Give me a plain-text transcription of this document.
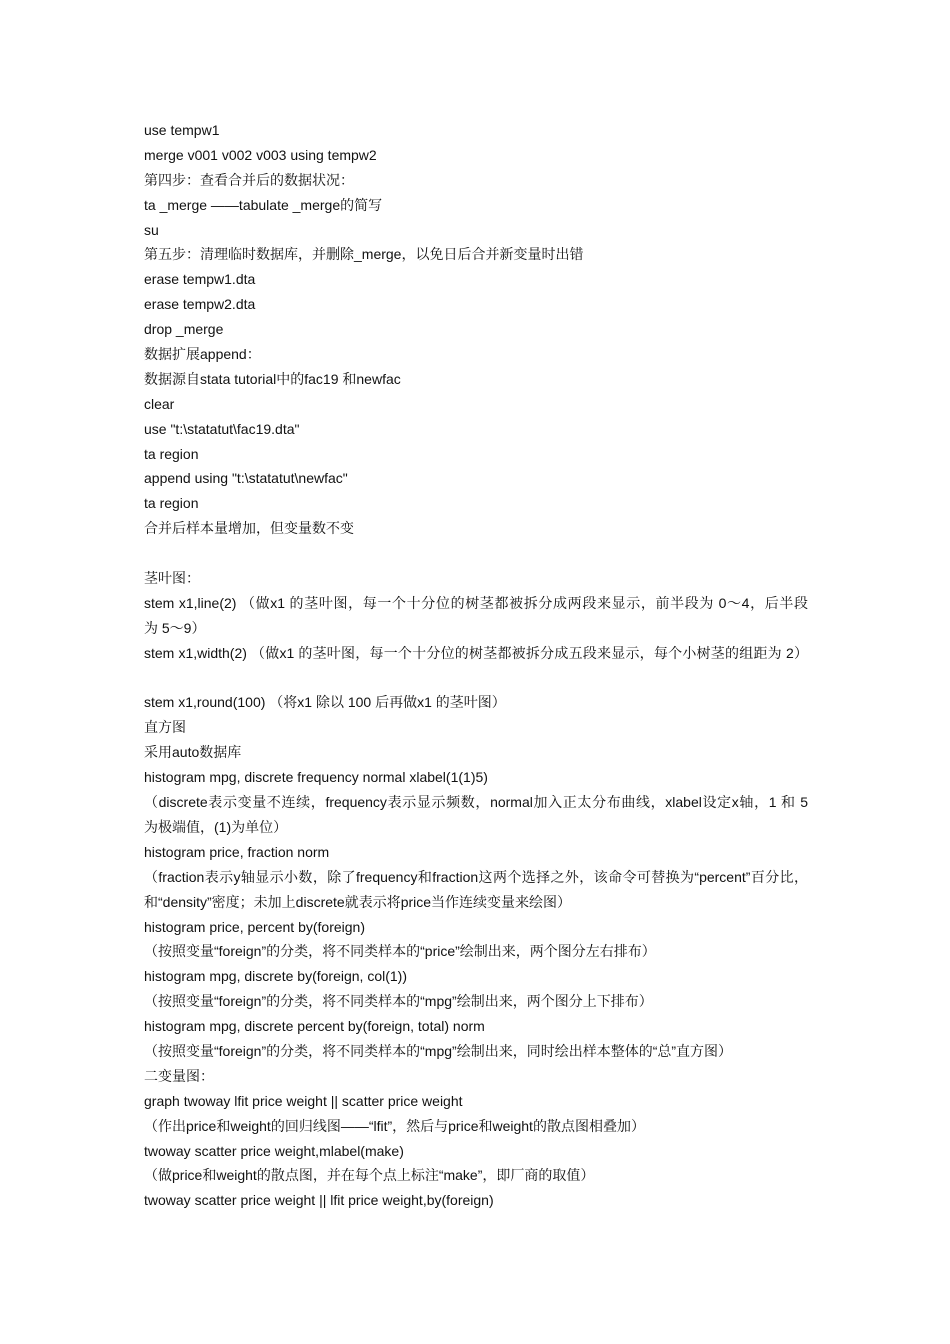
use tempw1
merge v001 v002 v003 using tempw2
第四步：查看合并后的数据状况：
ta _merge ——tabulate _merge的简写
su
第五步：清理临时数据库，并删除_merge，以免日后合并新变量时出错
erase tempw1.dta
erase tempw2.dta
drop _merge
数据扩展append：
数据源自stata tutorial中的fac19 和newfac
clear
use "t:\statatut\fac19.dta"
ta region
append using "t:\statatut\newfac"
ta region
合并后样本量增加，但变量数不变
茎叶图：
stem x1,line(2) （做x1 的茎叶图，每一个十分位的树茎都被拆分成两段来显示，前半段为 0～4，后半段
为 5～9）
stem x1,width(2) （做x1 的茎叶图，每一个十分位的树茎都被拆分成五段来显示，每个小树茎的组距为 2）
stem x1,round(100) （将x1 除以 100 后再做x1 的茎叶图）
直方图
采用auto数据库
histogram mpg, discrete frequency normal xlabel(1(1)5)
（discrete表示变量不连续，frequency表示显示频数，normal加入正太分布曲线，xlabel设定x轴，1 和 5
为极端值，(1)为单位）
histogram price, fraction norm
（fraction表示y轴显示小数，除了frequency和fraction这两个选择之外，该命令可替换为“percent”百分比，
和“density”密度；未加上discrete就表示将price当作连续变量来绘图）
histogram price, percent by(foreign)
（按照变量“foreign”的分类，将不同类样本的“price”绘制出来，两个图分左右排布）
histogram mpg, discrete by(foreign, col(1))
（按照变量“foreign”的分类，将不同类样本的“mpg”绘制出来，两个图分上下排布）
histogram mpg, discrete percent by(foreign, total) norm
（按照变量“foreign”的分类，将不同类样本的“mpg”绘制出来，同时绘出样本整体的“总”直方图）
二变量图：
graph twoway lfit price weight || scatter price weight
（作出price和weight的回归线图——“lfit”，然后与price和weight的散点图相叠加）
twoway scatter price weight,mlabel(make)
（做price和weight的散点图，并在每个点上标注“make”，即厂商的取值）
twoway scatter price weight || lfit price weight,by(foreign)
